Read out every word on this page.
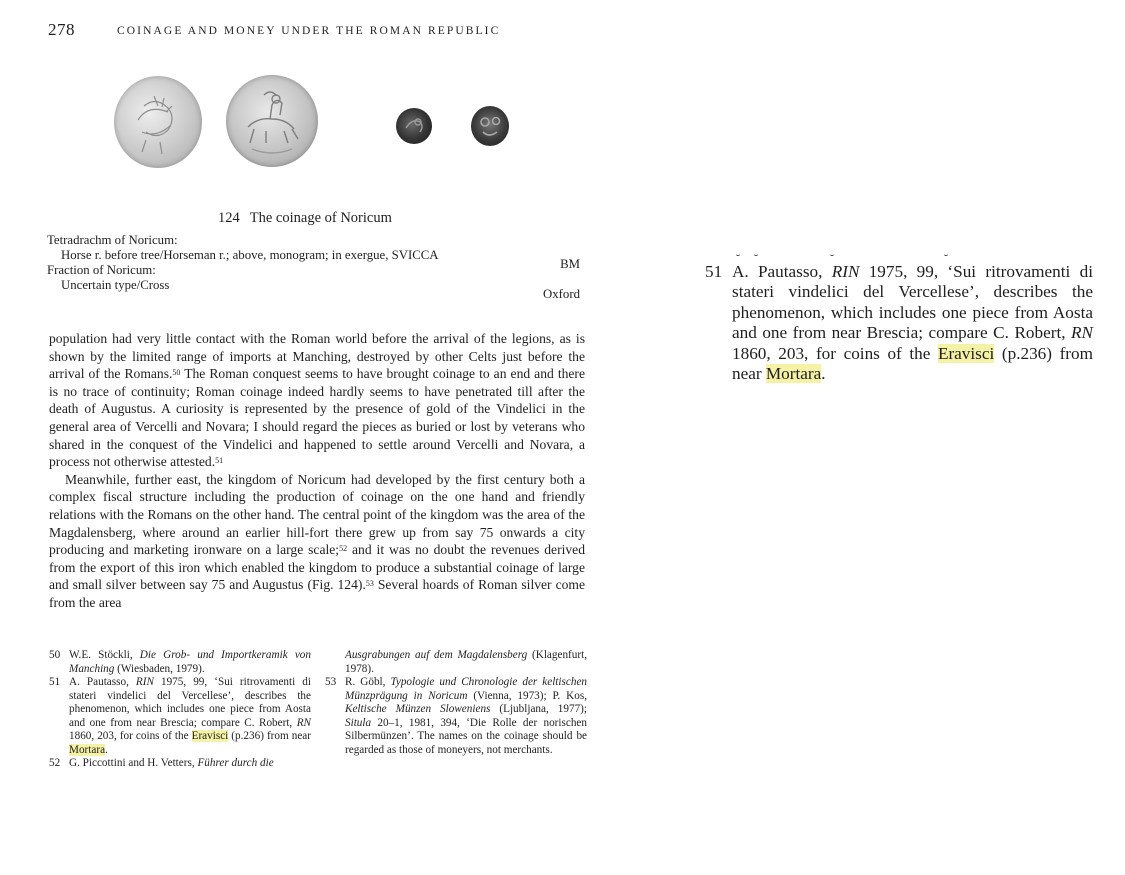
278	COINAGE AND MONEY UNDER THE ROMAN REPUBLIC
124 The coinage of Noricum
Tetradrachm of Noricum:
Horse r. before tree/Horseman r.; above, monogram; in exergue, SVICCA
BM
Fraction of Noricum:
Uncertain type/Cross
Oxford

population had very little contact with the Roman world before the arrival of the legions, as is shown by the limited range of imports at Manching, destroyed by other Celts just before the arrival of the Romans.$^{50}$ The Roman conquest seems to have brought coinage to an end and there is no trace of continuity; Roman coinage indeed hardly seems to have penetrated till after the death of Augustus. A curiosity is represented by the presence of gold of the Vindelici in the general area of Vercelli and Novara; I should regard the pieces as buried or lost by veterans who shared in the conquest of the Vindelici and happened to settle around Vercelli and Novara, a process not otherwise attested.$^{51}$

Meanwhile, further east, the kingdom of Noricum had developed by the first century both a complex fiscal structure including the production of coinage on the one hand and friendly relations with the Romans on the other hand. The central point of the kingdom was the area of the Magdalensberg, where around an earlier hill-fort there grew up from say 75 onwards a city producing and marketing ironware on a large scale;$^{52}$ and it was no doubt the revenues derived from the export of this iron which enabled the kingdom to produce a substantial coinage of large and small silver between say 75 and Augustus (Fig. 124).$^{53}$ Several hoards of Roman silver come from the area

50 W.E. Stöckli, Die Grob- und Importkeramik von Manching (Wiesbaden, 1979).
51 A. Pautasso, RIN 1975, 99, ‘Sui ritrovamenti di stateri vindelici del Vercellese’, describes the phenomenon, which includes one piece from Aosta and one from near Brescia; compare C. Robert, RN 1860, 203, for coins of the Eravisci (p.236) from near Mortara.
52 G. Piccottini and H. Vetters, Führer durch die
Ausgrabungen auf dem Magdalensberg (Klagenfurt, 1978).
53 R. Göbl, Typologie und Chronologie der keltischen Münzprägung in Noricum (Vienna, 1973); P. Kos, Keltische Münzen Sloweniens (Ljubljana, 1977); Situla 20–1, 1981, 394, ‘Die Rolle der norischen Silbermünzen’. The names on the coinage should be regarded as those of moneyers, not merchants.
51 A. Pautasso, RIN 1975, 99, ‘Sui ritrovamenti di stateri vindelici del Vercellese’, describes the phenomenon, which includes one piece from Aosta and one from near Brescia; compare C. Robert, RN 1860, 203, for coins of the Eravisci (p.236) from near Mortara.
